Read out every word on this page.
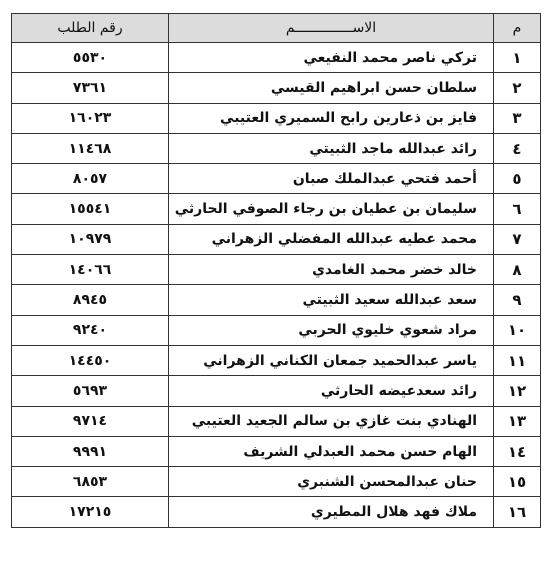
م	الاســــــــــــــم	رقم الطلب
١	تركي ناصر محمد النفيعي	٥٥٣٠
٢	سلطان حسن ابراهيم القيسي	٧٣٦١
٣	فايز بن ذعارين رابح السميري العتيبي	١٦٠٢٣
٤	رائد عبدالله ماجد الثبيتي	١١٤٦٨
٥	أحمد فتحي عبدالملك صبان	٨٠٥٧
٦	سليمان بن عطيان بن رجاء الصوفي الحارثي	١٥٥٤١
٧	محمد عطيه عبدالله المفضلي الزهراني	١٠٩٧٩
٨	خالد خضر محمد الغامدي	١٤٠٦٦
٩	سعد عبدالله سعيد الثبيتي	٨٩٤٥
١٠	مراد شعوي خليوي الحربي	٩٢٤٠
١١	ياسر عبدالحميد جمعان الكناني الزهراني	١٤٤٥٠
١٢	رائد سعدعيضه الحارثي	٥٦٩٣
١٣	الهنادي بنت غازي بن سالم الجعيد العتيبي	٩٧١٤
١٤	الهام حسن محمد العبدلي الشريف	٩٩٩١
١٥	حنان عبدالمحسن الشنبري	٦٨٥٣
١٦	ملاك فهد هلال المطيري	١٧٢١٥
